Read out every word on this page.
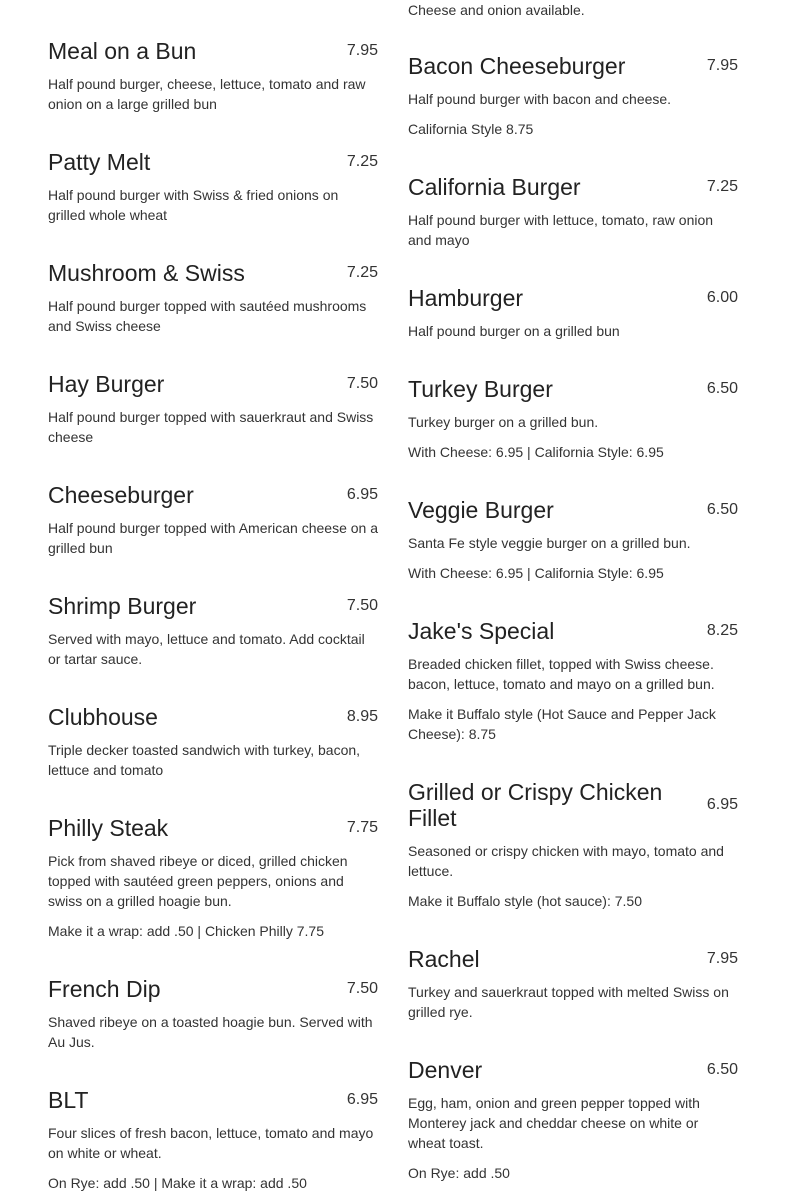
Meal on a Bun	7.95
Half pound burger, cheese, lettuce, tomato and raw onion on a large grilled bun
Patty Melt	7.25
Half pound burger with Swiss & fried onions on grilled whole wheat
Mushroom & Swiss	7.25
Half pound burger topped with sautéed mushrooms and Swiss cheese
Hay Burger	7.50
Half pound burger topped with sauerkraut and Swiss cheese
Cheeseburger	6.95
Half pound burger topped with American cheese on a grilled bun
Shrimp Burger	7.50
Served with mayo, lettuce and tomato. Add cocktail or tartar sauce.
Clubhouse	8.95
Triple decker toasted sandwich with turkey, bacon, lettuce and tomato
Philly Steak	7.75
Pick from shaved ribeye or diced, grilled chicken topped with sautéed green peppers, onions and swiss on a grilled hoagie bun.
Make it a wrap: add .50 | Chicken Philly 7.75
French Dip	7.50
Shaved ribeye on a toasted hoagie bun. Served with Au Jus.
BLT	6.95
Four slices of fresh bacon, lettuce, tomato and mayo on white or wheat.
On Rye: add .50 | Make it a wrap: add .50
Cheese and onion available.
Bacon Cheeseburger	7.95
Half pound burger with bacon and cheese.
California Style 8.75
California Burger	7.25
Half pound burger with lettuce, tomato, raw onion and mayo
Hamburger	6.00
Half pound burger on a grilled bun
Turkey Burger	6.50
Turkey burger on a grilled bun.
With Cheese: 6.95 | California Style: 6.95
Veggie Burger	6.50
Santa Fe style veggie burger on a grilled bun.
With Cheese: 6.95 | California Style: 6.95
Jake's Special	8.25
Breaded chicken fillet, topped with Swiss cheese. bacon, lettuce, tomato and mayo on a grilled bun.
Make it Buffalo style (Hot Sauce and Pepper Jack Cheese): 8.75
Grilled or Crispy Chicken Fillet
6.95
Seasoned or crispy chicken with mayo, tomato and lettuce.
Make it Buffalo style (hot sauce): 7.50
Rachel	7.95
Turkey and sauerkraut topped with melted Swiss on grilled rye.
Denver	6.50
Egg, ham, onion and green pepper topped with Monterey jack and cheddar cheese on white or wheat toast.
On Rye: add .50
